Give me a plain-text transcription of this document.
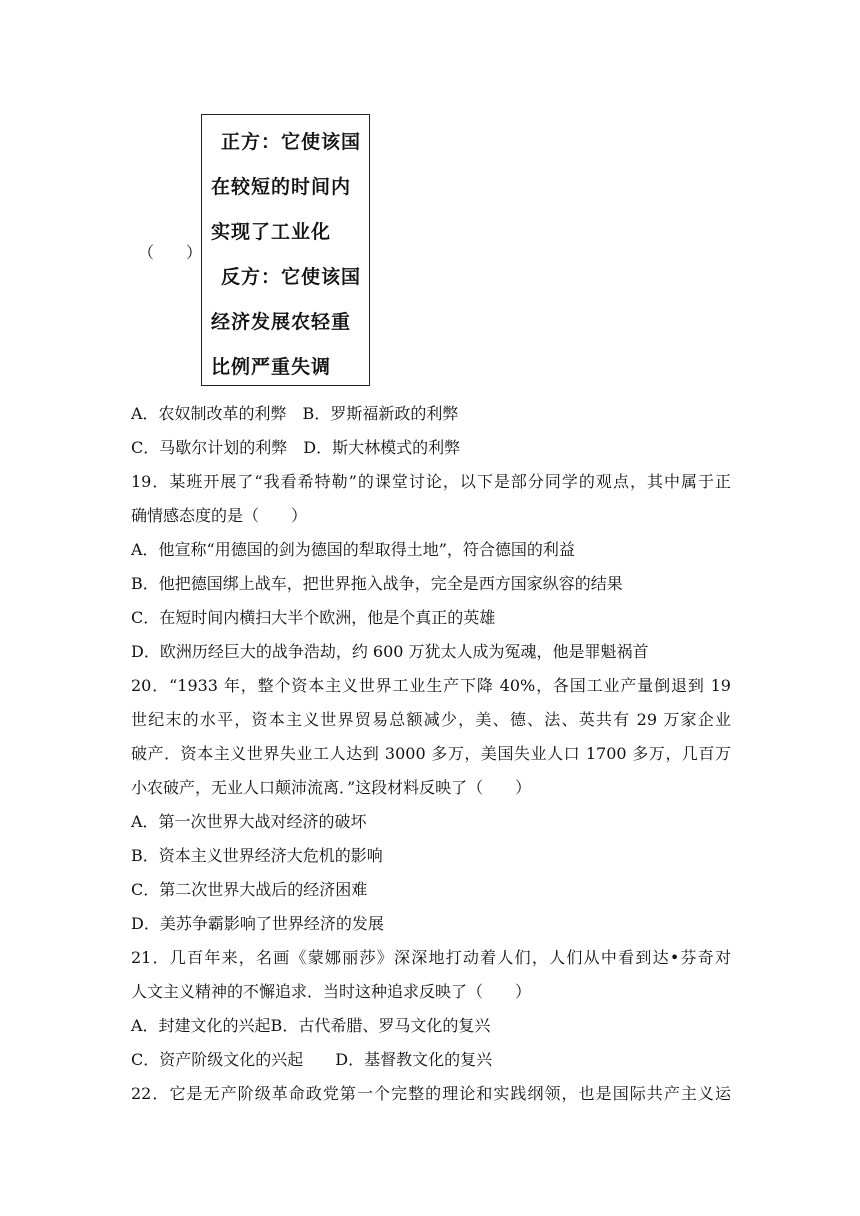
（　　）
正方：它使该国
在较短的时间内
实现了工业化
反方：它使该国
经济发展农轻重
比例严重失调
A．农奴制改革的利弊　B．罗斯福新政的利弊
C．马歇尔计划的利弊　D．斯大林模式的利弊
19．某班开展了“我看希特勒”的课堂讨论，以下是部分同学的观点，其中属于正
确情感态度的是（　　）
A．他宣称“用德国的剑为德国的犁取得土地”，符合德国的利益
B．他把德国绑上战车，把世界拖入战争，完全是西方国家纵容的结果
C．在短时间内横扫大半个欧洲，他是个真正的英雄
D．欧洲历经巨大的战争浩劫，约 600 万犹太人成为冤魂，他是罪魁祸首
20．“1933 年，整个资本主义世界工业生产下降 40%，各国工业产量倒退到 19
世纪末的水平，资本主义世界贸易总额减少，美、德、法、英共有 29 万家企业
破产．资本主义世界失业工人达到 3000 多万，美国失业人口 1700 多万，几百万
小农破产，无业人口颠沛流离．”这段材料反映了（　　）
A．第一次世界大战对经济的破坏
B．资本主义世界经济大危机的影响
C．第二次世界大战后的经济困难
D．美苏争霸影响了世界经济的发展
21．几百年来，名画《蒙娜丽莎》深深地打动着人们，人们从中看到达•芬奇对
人文主义精神的不懈追求．当时这种追求反映了（　　）
A．封建文化的兴起B．古代希腊、罗马文化的复兴
C．资产阶级文化的兴起　　D．基督教文化的复兴
22．它是无产阶级革命政党第一个完整的理论和实践纲领，也是国际共产主义运
